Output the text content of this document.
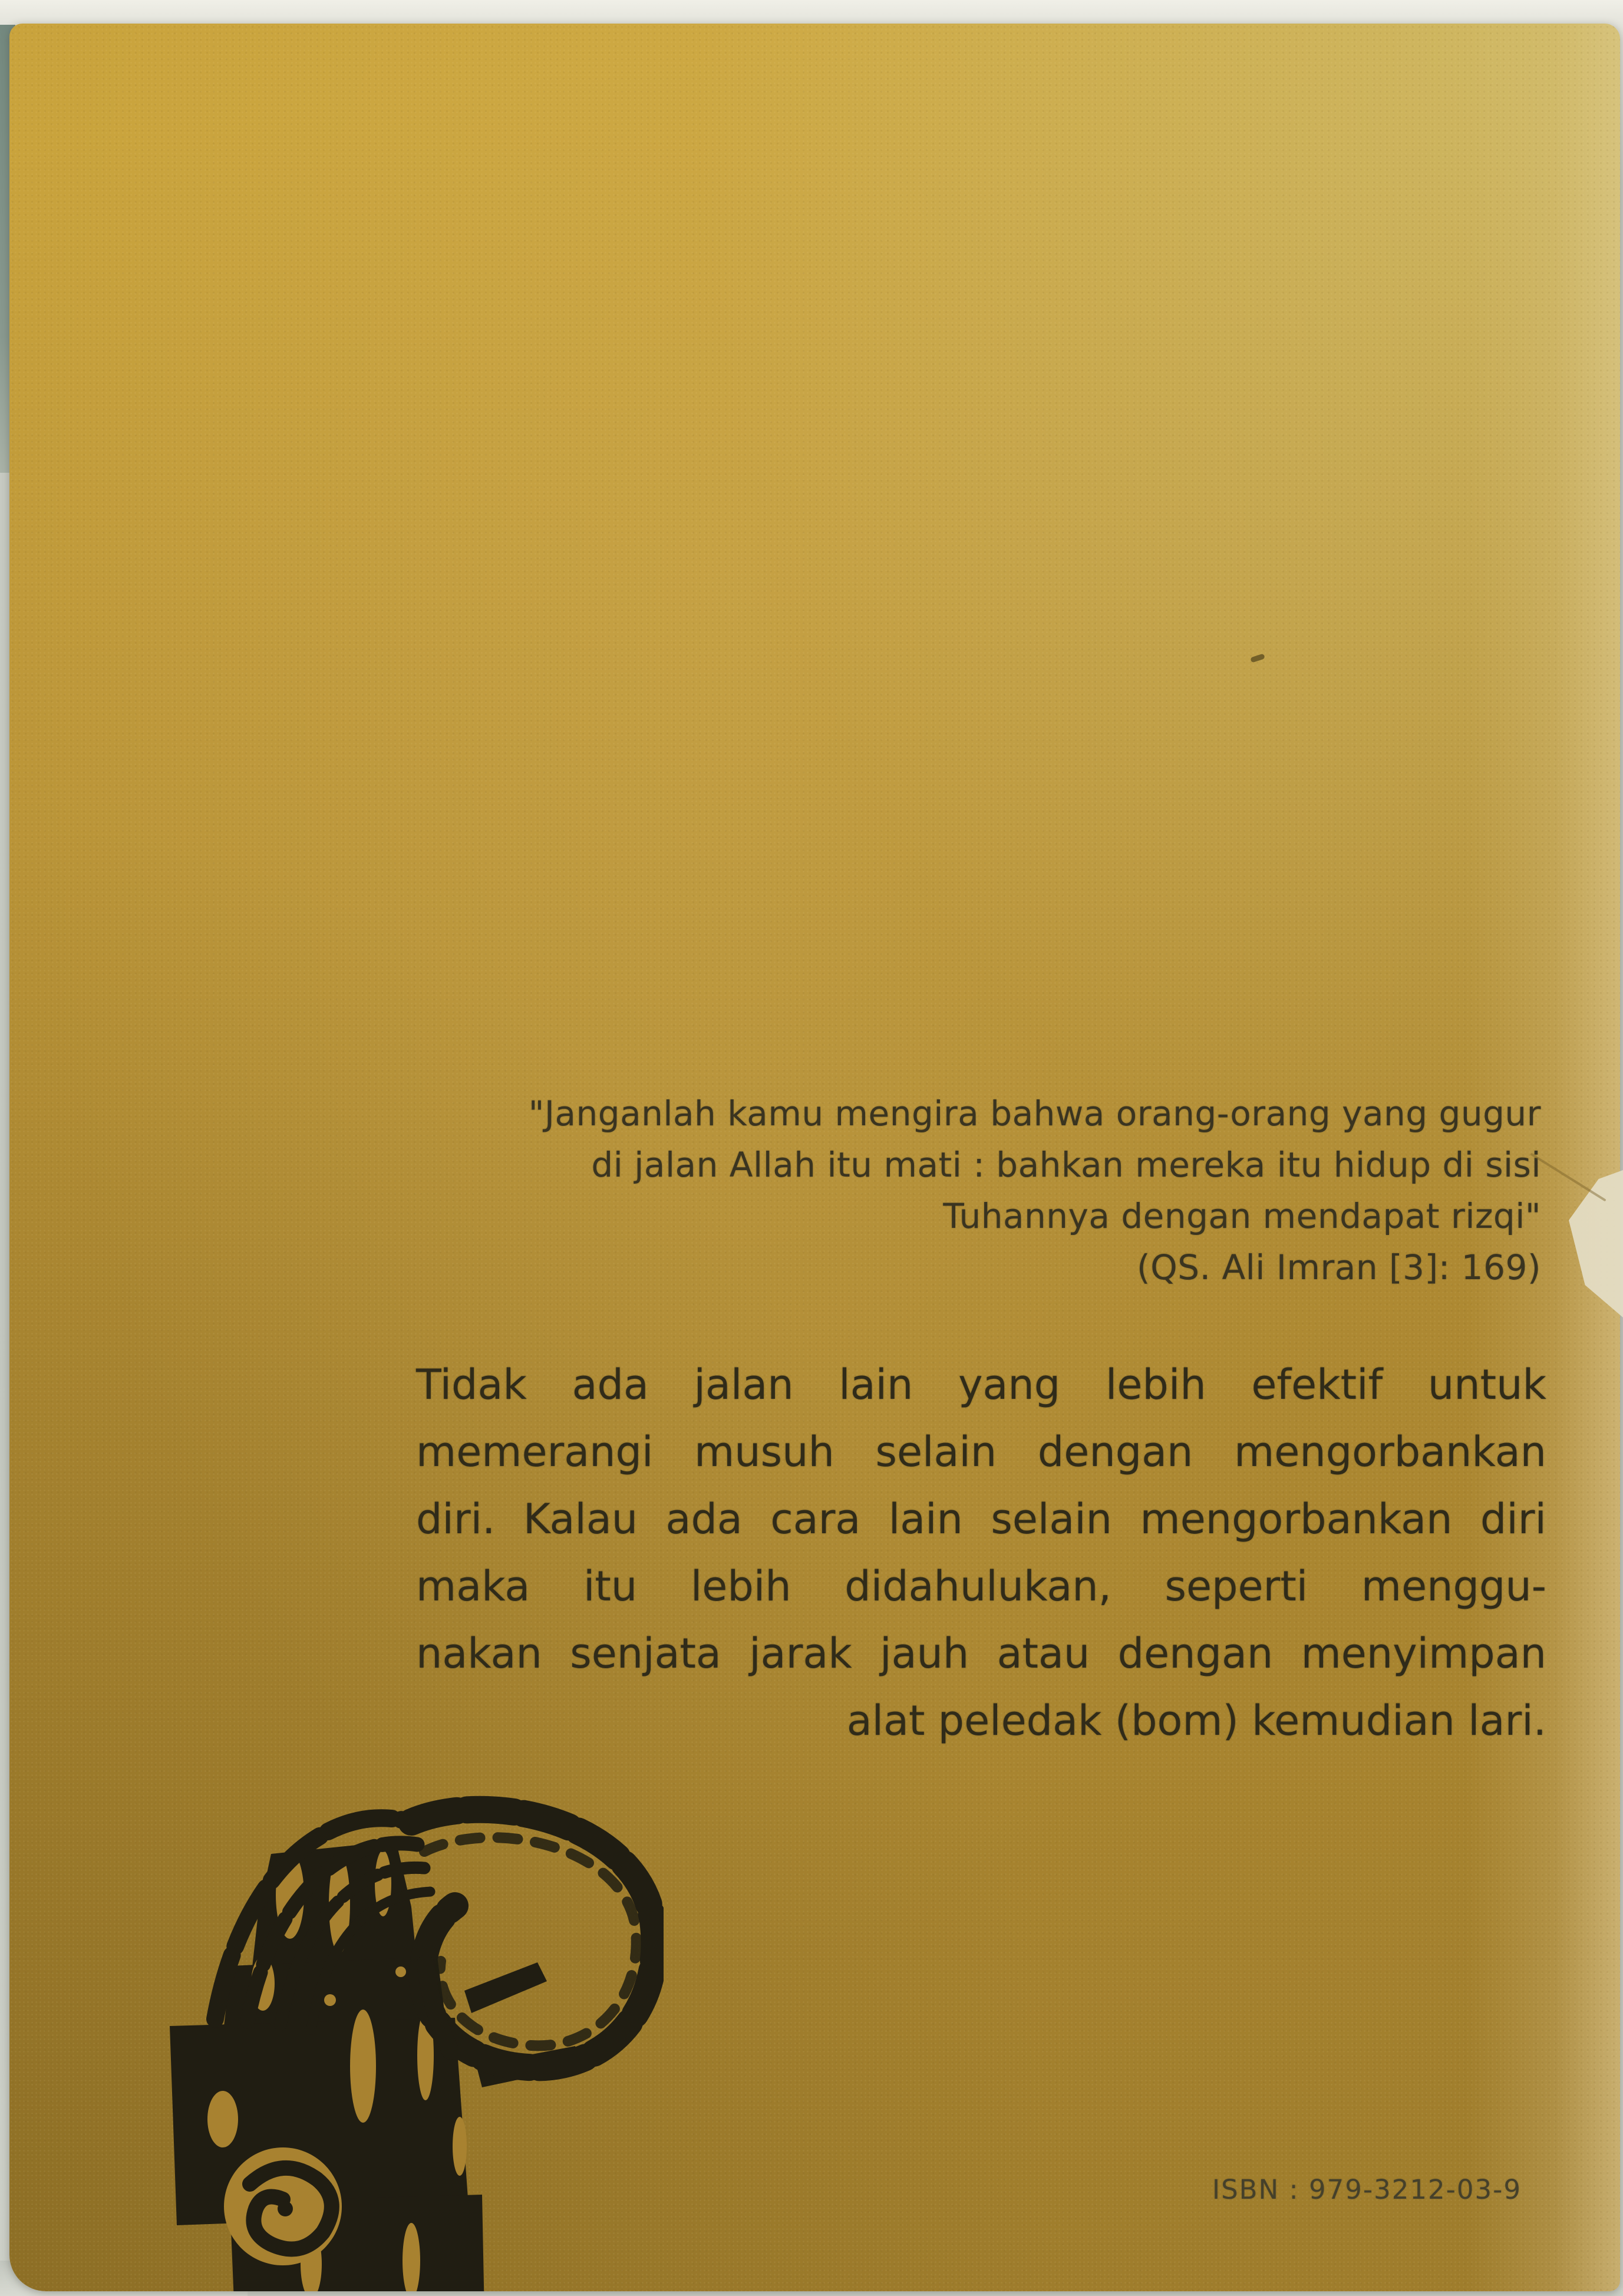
"Janganlah kamu mengira bahwa orang-orang yang gugur
di jalan Allah itu mati : bahkan mereka itu hidup di sisi
Tuhannya dengan mendapat rizqi"
(QS. Ali Imran [3]: 169)
Tidak ada jalan lain yang lebih efektif untuk
memerangi musuh selain dengan mengorbankan
diri. Kalau ada cara lain selain mengorbankan diri
maka itu lebih didahulukan, seperti menggu-
nakan senjata jarak jauh atau dengan menyimpan
alat peledak (bom) kemudian lari.
ISBN : 979-3212-03-9
